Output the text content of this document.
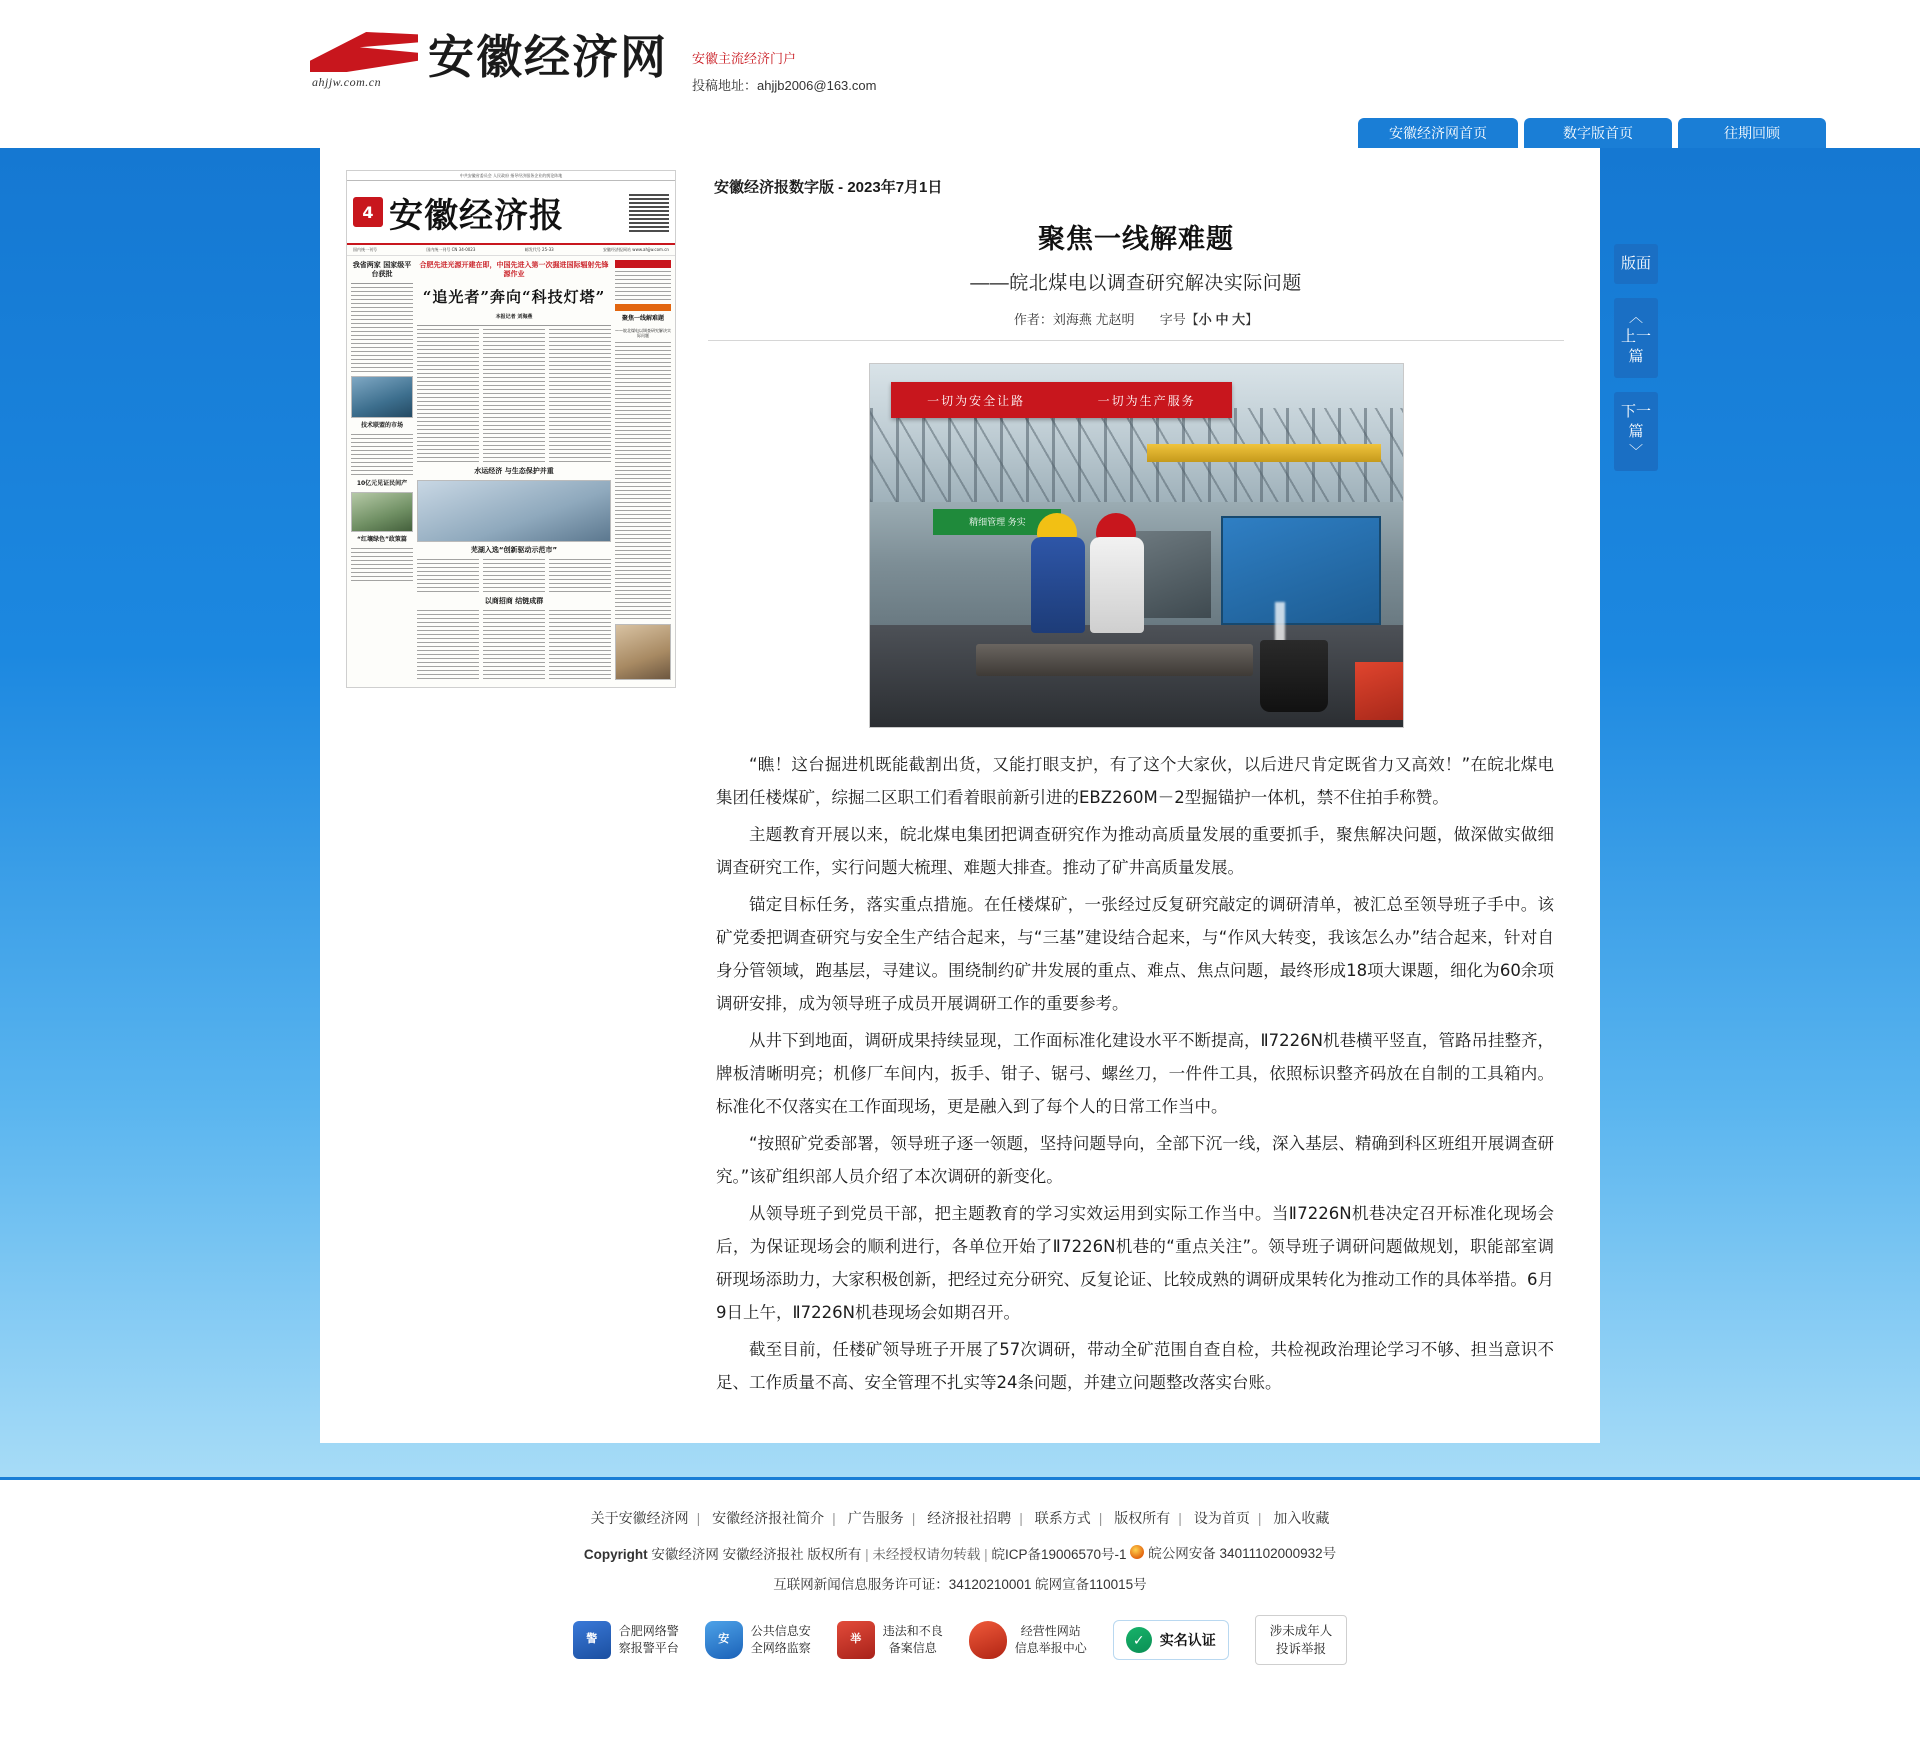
ahjjw.com.cn 安徽经济网 安徽主流经济门户
投稿地址：ahjjb2006@163.com
安徽经济网首页	数字版首页	往期回顾
中共安徽省委员会 人民政府 指导经济服务企业的舆论阵地
4 安徽经济报
国内统一刊号	国内统一刊号 CN 34-0023	邮发代号 25-33	安徽经济报网站 www.ahjjw.com.cn
我省两家 国家级平台获批
技术联盟的市场
10亿元见证民间产
“红壤绿色”政策篇
合肥先进光源开建在即，中国先进入第一次掘进国际辐射先锋源作业
“追光者”奔向“科技灯塔”
本报记者 刘海燕
水运经济 与生态保护并重
芜湖入选“创新驱动示范市”
以商招商 结链成群
聚焦一线解难题
——皖北煤电以调查研究解决实际问题
安徽经济报数字版 - 2023年7月1日
聚焦一线解难题
——皖北煤电以调查研究解决实际问题
作者：刘海燕 尤赵明 字号【小 中 大】
一切为安全让路	一切为生产服务
精细管理 务实

“瞧！这台掘进机既能截割出货，又能打眼支护，有了这个大家伙，以后进尺肯定既省力又高效！”在皖北煤电集团任楼煤矿，综掘二区职工们看着眼前新引进的EBZ260M－2型掘锚护一体机，禁不住拍手称赞。

主题教育开展以来，皖北煤电集团把调查研究作为推动高质量发展的重要抓手，聚焦解决问题，做深做实做细调查研究工作，实行问题大梳理、难题大排查。推动了矿井高质量发展。

锚定目标任务，落实重点措施。在任楼煤矿，一张经过反复研究敲定的调研清单，被汇总至领导班子手中。该矿党委把调查研究与安全生产结合起来，与“三基”建设结合起来，与“作风大转变，我该怎么办”结合起来，针对自身分管领域，跑基层，寻建议。围绕制约矿井发展的重点、难点、焦点问题，最终形成18项大课题，细化为60余项调研安排，成为领导班子成员开展调研工作的重要参考。

从井下到地面，调研成果持续显现，工作面标准化建设水平不断提高，Ⅱ7226N机巷横平竖直，管路吊挂整齐，牌板清晰明亮；机修厂车间内，扳手、钳子、锯弓、螺丝刀，一件件工具，依照标识整齐码放在自制的工具箱内。标准化不仅落实在工作面现场，更是融入到了每个人的日常工作当中。

“按照矿党委部署，领导班子逐一领题，坚持问题导向，全部下沉一线，深入基层、精确到科区班组开展调查研究。”该矿组织部人员介绍了本次调研的新变化。

从领导班子到党员干部，把主题教育的学习实效运用到实际工作当中。当Ⅱ7226N机巷决定召开标准化现场会后，为保证现场会的顺利进行，各单位开始了Ⅱ7226N机巷的“重点关注”。领导班子调研问题做规划，职能部室调研现场添助力，大家积极创新，把经过充分研究、反复论证、比较成熟的调研成果转化为推动工作的具体举措。6月9日上午，Ⅱ7226N机巷现场会如期召开。

截至目前，任楼矿领导班子开展了57次调研，带动全矿范围自查自检，共检视政治理论学习不够、担当意识不足、工作质量不高、安全管理不扎实等24条问题，并建立问题整改落实台账。

版面
︿
上一篇
下一篇
﹀
关于安徽经济网 | 安徽经济报社简介 | 广告服务 | 经济报社招聘 | 联系方式 | 版权所有 | 设为首页 | 加入收藏
Copyright 安徽经济网 安徽经济报社 版权所有 | 未经授权请勿转载 | 皖ICP备19006570号-1 皖公网安备 34011102000932号
互联网新闻信息服务许可证：34120210001 皖网宣备110015号
警
合肥网络警
察报警平台
安
公共信息安
全网络监察
举
违法和不良
备案信息
经营性网站
信息举报中心
✓	实名认证
涉未成年人
投诉举报
